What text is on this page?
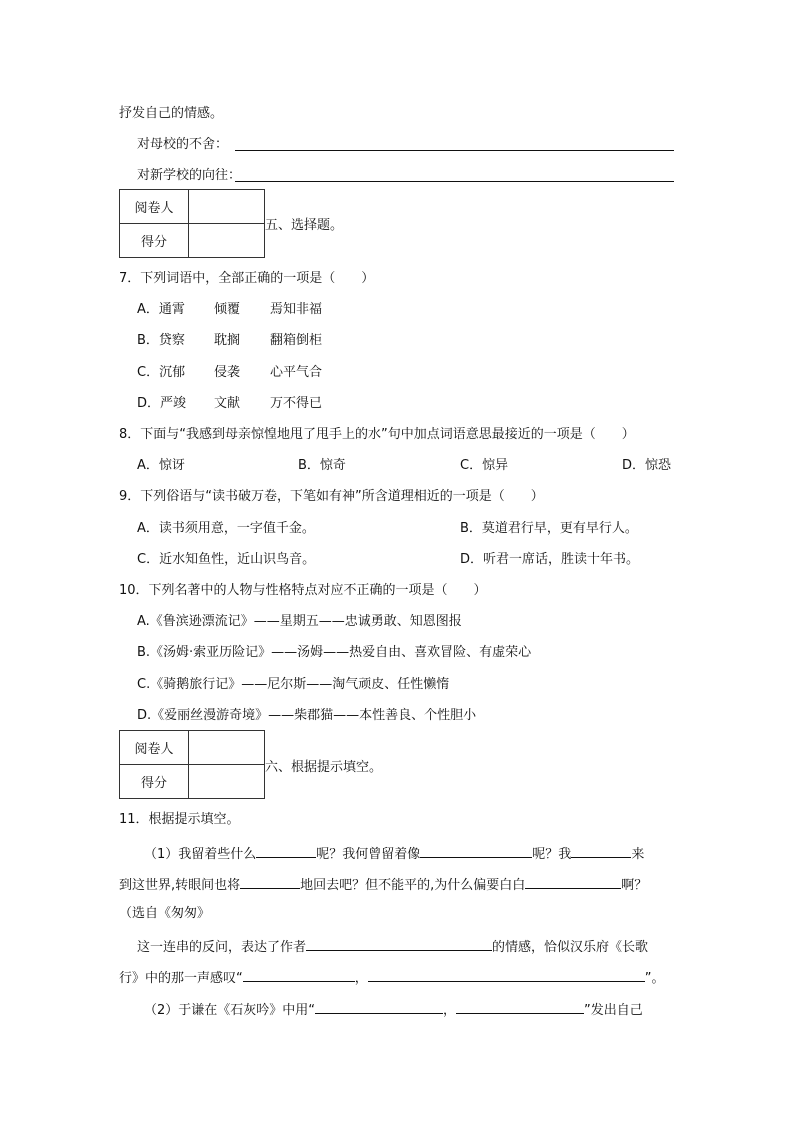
抒发自己的情感。
对母校的不舍：
对新学校的向往：
阅卷人	
得分	
五、选择题。
7．下列词语中，全部正确的一项是（　　）
A．通霄 倾覆 焉知非福
B．贷察 耽搁 翻箱倒柜
C．沉郁 侵袭 心平气合
D．严竣 文献 万不得已
8．下面与“我感到母亲惊惶地甩了甩手上的水”句中加点词语意思最接近的一项是（　　）
A．惊讶	B．惊奇	C．惊异	D．惊恐
9．下列俗语与“读书破万卷，下笔如有神”所含道理相近的一项是（　　）
A．读书须用意，一字值千金。	B．莫道君行早，更有早行人。
C．近水知鱼性，近山识鸟音。	D．听君一席话，胜读十年书。
10．下列名著中的人物与性格特点对应不正确的一项是（　　）
A.《鲁滨逊漂流记》——星期五——忠诚勇敢、知恩图报
B.《汤姆·索亚历险记》——汤姆——热爱自由、喜欢冒险、有虚荣心
C.《骑鹅旅行记》——尼尔斯——淘气顽皮、任性懒惰
D.《爱丽丝漫游奇境》——柴郡猫——本性善良、个性胆小
阅卷人	
得分	
六、根据提示填空。
11．根据提示填空。
（1）我留着些什么	呢？我何曾留着像	呢？我	来
到这世界,转眼间也将	地回去吧？但不能平的,为什么偏要白白	啊？
（选自《匆匆》
这一连串的反问，表达了作者	的情感，恰似汉乐府《长歌
行》中的那一声感叹“	，	”。
（2）于谦在《石灰吟》中用“	，	”发出自己
